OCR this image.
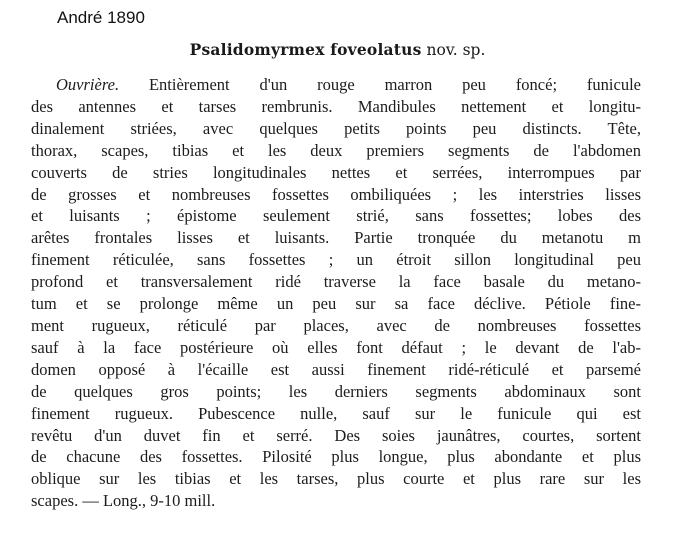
André 1890
Psalidomyrmex foveolatus nov. sp.
Ouvrière. Entièrement d'un rouge marron peu foncé; funicule
des antennes et tarses rembrunis. Mandibules nettement et longitu-
dinalement striées, avec quelques petits points peu distincts. Tête,
thorax, scapes, tibias et les deux premiers segments de l'abdomen
couverts de stries longitudinales nettes et serrées, interrompues par
de grosses et nombreuses fossettes ombiliquées ; les interstries lisses
et luisants ; épistome seulement strié, sans fossettes; lobes des
arêtes frontales lisses et luisants. Partie tronquée du metanotu m
finement réticulée, sans fossettes ; un étroit sillon longitudinal peu
profond et transversalement ridé traverse la face basale du metano-
tum et se prolonge même un peu sur sa face déclive. Pétiole fine-
ment rugueux, réticulé par places, avec de nombreuses fossettes
sauf à la face postérieure où elles font défaut ; le devant de l'ab-
domen opposé à l'écaille est aussi finement ridé-réticulé et parsemé
de quelques gros points; les derniers segments abdominaux sont
finement rugueux. Pubescence nulle, sauf sur le funicule qui est
revêtu d'un duvet fin et serré. Des soies jaunâtres, courtes, sortent
de chacune des fossettes. Pilosité plus longue, plus abondante et plus
oblique sur les tibias et les tarses, plus courte et plus rare sur les
scapes. — Long., 9-10 mill.
